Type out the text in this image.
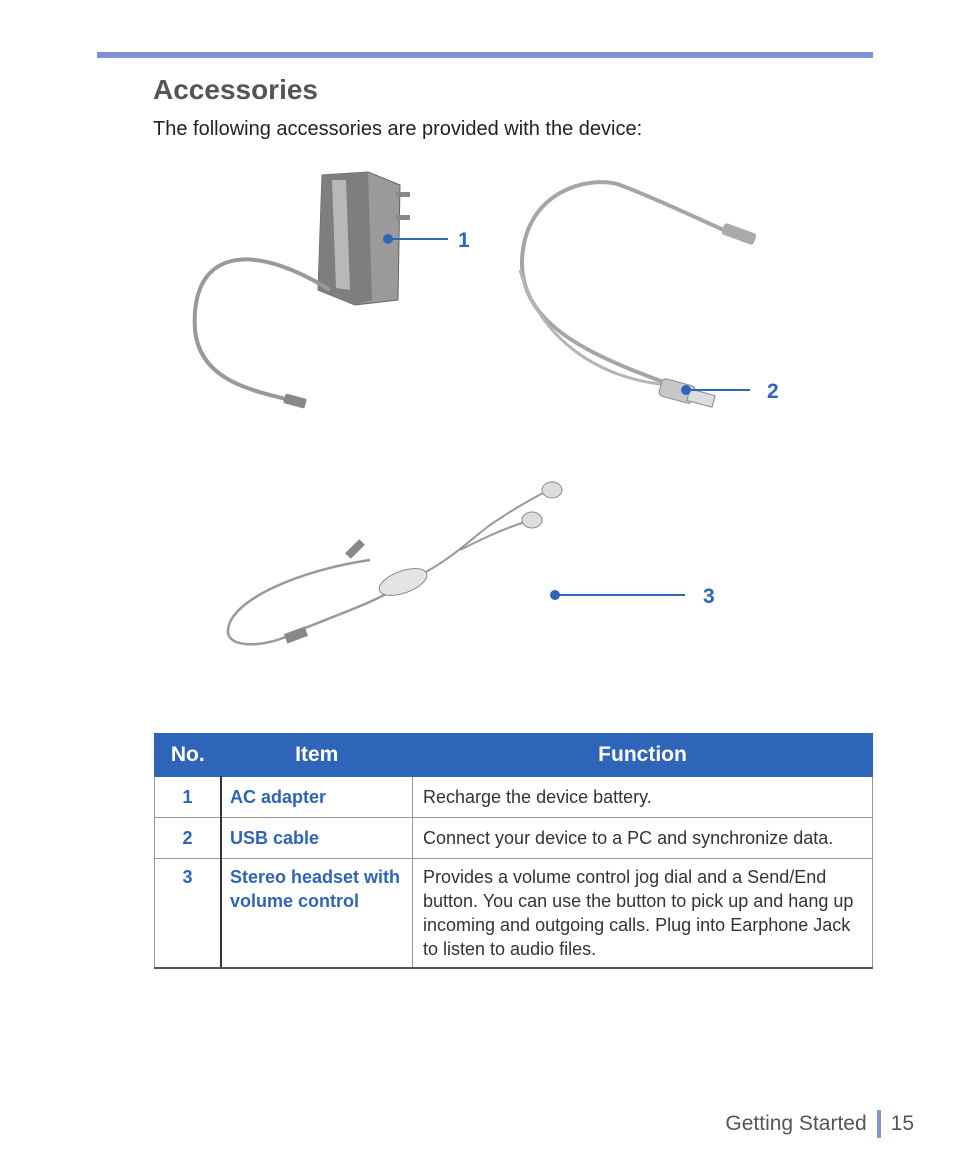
Accessories

The following accessories are provided with the device:

1
2
3
No.	Item	Function
1	AC adapter	Recharge the device battery.
2	USB cable	Connect your device to a PC and synchronize data.
3	Stereo headset with volume control	Provides a volume control jog dial and a Send/End button. You can use the button to pick up and hang up incoming and outgoing calls. Plug into Earphone Jack to listen to audio files.
Getting Started 15
